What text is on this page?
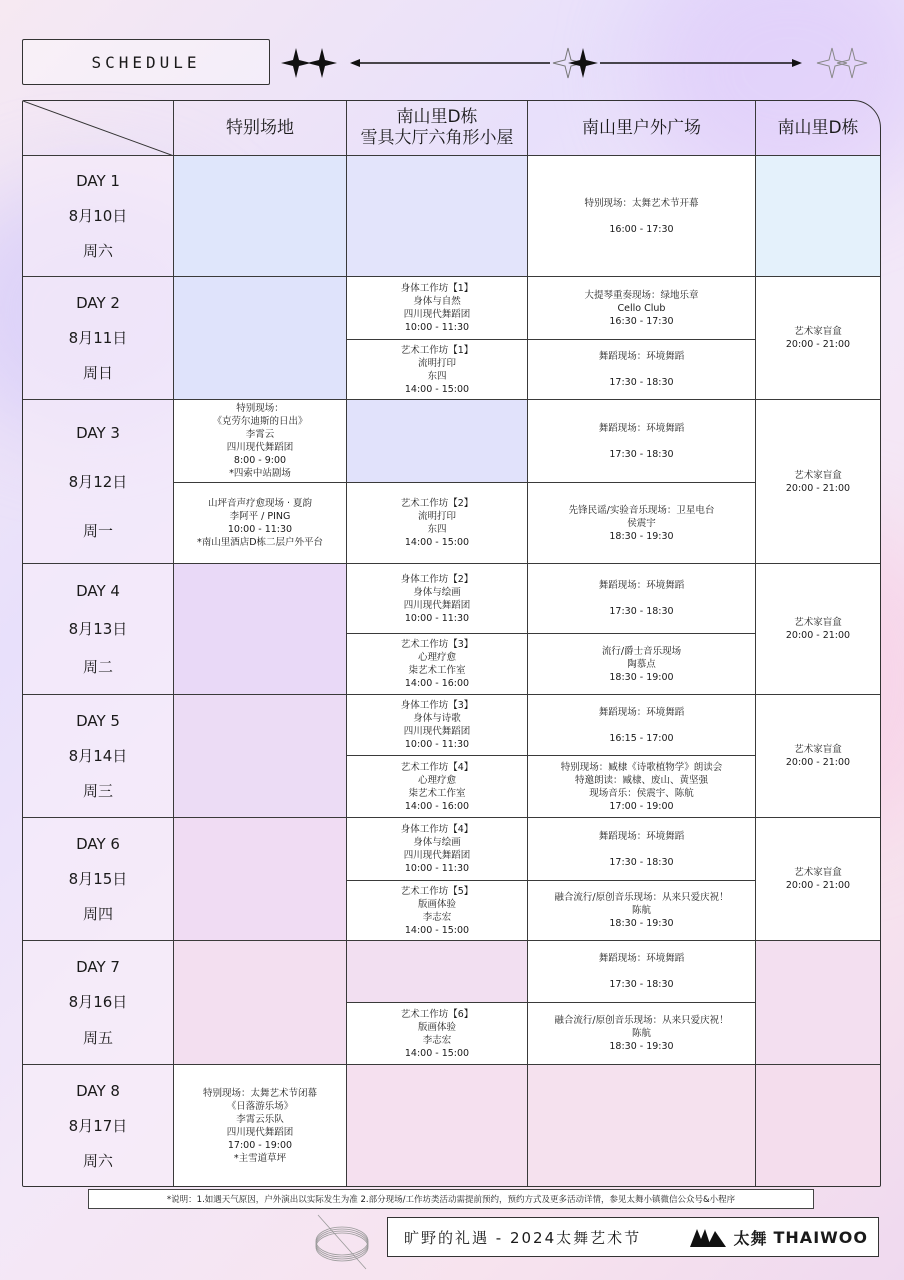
SCHEDULE
特别场地
南山里D栋
雪具大厅六角形小屋
南山里户外广场	南山里D栋
DAY 1
8月10日
周六
DAY 2
8月11日
周日
DAY 3
8月12日
周一
DAY 4
8月13日
周二
DAY 5
8月14日
周三
DAY 6
8月15日
周四
DAY 7
8月16日
周五
DAY 8
8月17日
周六
特别现场：太舞艺术节开幕

16:00 - 17:30
身体工作坊【1】
身体与自然
四川现代舞蹈团
10:00 - 11:30
大提琴重奏现场：绿地乐章
Cello Club
16:30 - 17:30
艺术家盲盒
20:00 - 21:00
艺术工作坊【1】
流明打印
东四
14:00 - 15:00
舞蹈现场：环境舞蹈

17:30 - 18:30
特别现场：
《克劳尔迪斯的日出》
李霄云
四川现代舞蹈团
8:00 - 9:00
*四索中站剧场
舞蹈现场：环境舞蹈

17:30 - 18:30
艺术家盲盒
20:00 - 21:00
山坪音声疗愈现场 · 夏韵
李阿平 / PING
10:00 - 11:30
*南山里酒店D栋二层户外平台
艺术工作坊【2】
流明打印
东四
14:00 - 15:00
先锋民谣/实验音乐现场：卫星电台
侯震宇
18:30 - 19:30
身体工作坊【2】
身体与绘画
四川现代舞蹈团
10:00 - 11:30
舞蹈现场：环境舞蹈

17:30 - 18:30
艺术家盲盒
20:00 - 21:00
艺术工作坊【3】
心理疗愈
柒艺术工作室
14:00 - 16:00
流行/爵士音乐现场
陶慕点
18:30 - 19:00
身体工作坊【3】
身体与诗歌
四川现代舞蹈团
10:00 - 11:30
舞蹈现场：环境舞蹈

16:15 - 17:00
艺术家盲盒
20:00 - 21:00
艺术工作坊【4】
心理疗愈
柒艺术工作室
14:00 - 16:00
特别现场：臧棣《诗歌植物学》朗读会
特邀朗读：臧棣、废山、黄坚强
现场音乐：侯震宇、陈航
17:00 - 19:00
身体工作坊【4】
身体与绘画
四川现代舞蹈团
10:00 - 11:30
舞蹈现场：环境舞蹈

17:30 - 18:30
艺术家盲盒
20:00 - 21:00
艺术工作坊【5】
版画体验
李志宏
14:00 - 15:00
融合流行/原创音乐现场：从来只爱庆祝！
陈航
18:30 - 19:30
舞蹈现场：环境舞蹈

17:30 - 18:30
艺术工作坊【6】
版画体验
李志宏
14:00 - 15:00
融合流行/原创音乐现场：从来只爱庆祝！
陈航
18:30 - 19:30
特别现场：太舞艺术节闭幕
《日落游乐场》
李霄云乐队
四川现代舞蹈团
17:00 - 19:00
*主雪道草坪
*说明：1.如遇天气原因，户外演出以实际发生为准 2.部分现场/工作坊类活动需提前预约，预约方式及更多活动详情，参见太舞小镇微信公众号&小程序
旷野的礼遇 - 2024太舞艺术节	太舞 THAIWOO
